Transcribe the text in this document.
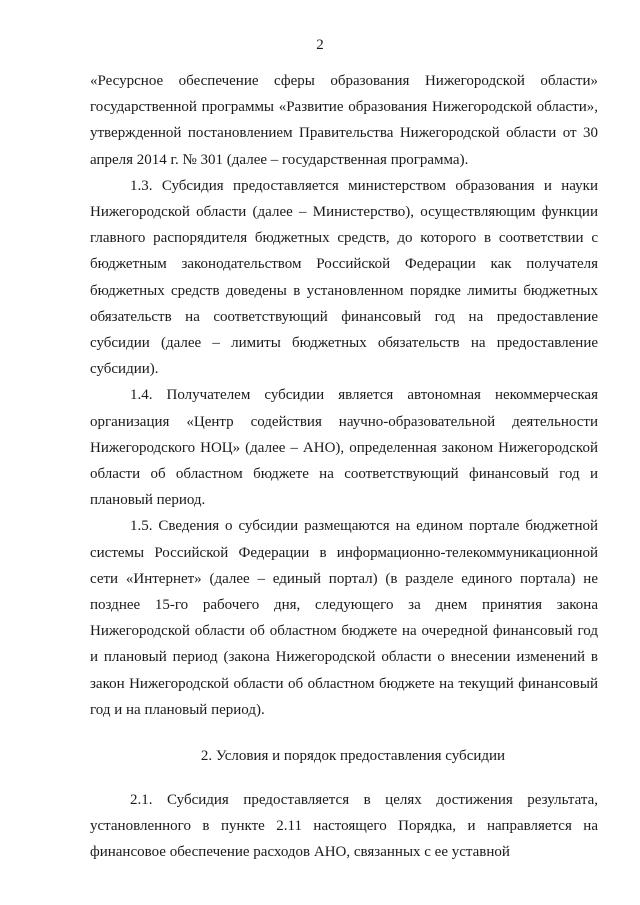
2

«Ресурсное обеспечение сферы образования Нижегородской области» государственной программы «Развитие образования Нижегородской области», утвержденной постановлением Правительства Нижегородской области от 30 апреля 2014 г. № 301 (далее – государственная программа).

1.3. Субсидия предоставляется министерством образования и науки Нижегородской области (далее – Министерство), осуществляющим функции главного распорядителя бюджетных средств, до которого в соответствии с бюджетным законодательством Российской Федерации как получателя бюджетных средств доведены в установленном порядке лимиты бюджетных обязательств на соответствующий финансовый год на предоставление субсидии (далее – лимиты бюджетных обязательств на предоставление субсидии).

1.4. Получателем субсидии является автономная некоммерческая организация «Центр содействия научно-образовательной деятельности Нижегородского НОЦ» (далее – АНО), определенная законом Нижегородской области об областном бюджете на соответствующий финансовый год и плановый период.

1.5. Сведения о субсидии размещаются на едином портале бюджетной системы Российской Федерации в информационно-телекоммуникационной сети «Интернет» (далее – единый портал) (в разделе единого портала) не позднее 15-го рабочего дня, следующего за днем принятия закона Нижегородской области об областном бюджете на очередной финансовый год и плановый период (закона Нижегородской области о внесении изменений в закон Нижегородской области об областном бюджете на текущий финансовый год и на плановый период).

2. Условия и порядок предоставления субсидии

2.1. Субсидия предоставляется в целях достижения результата, установленного в пункте 2.11 настоящего Порядка, и направляется на финансовое обеспечение расходов АНО, связанных с ее уставной
